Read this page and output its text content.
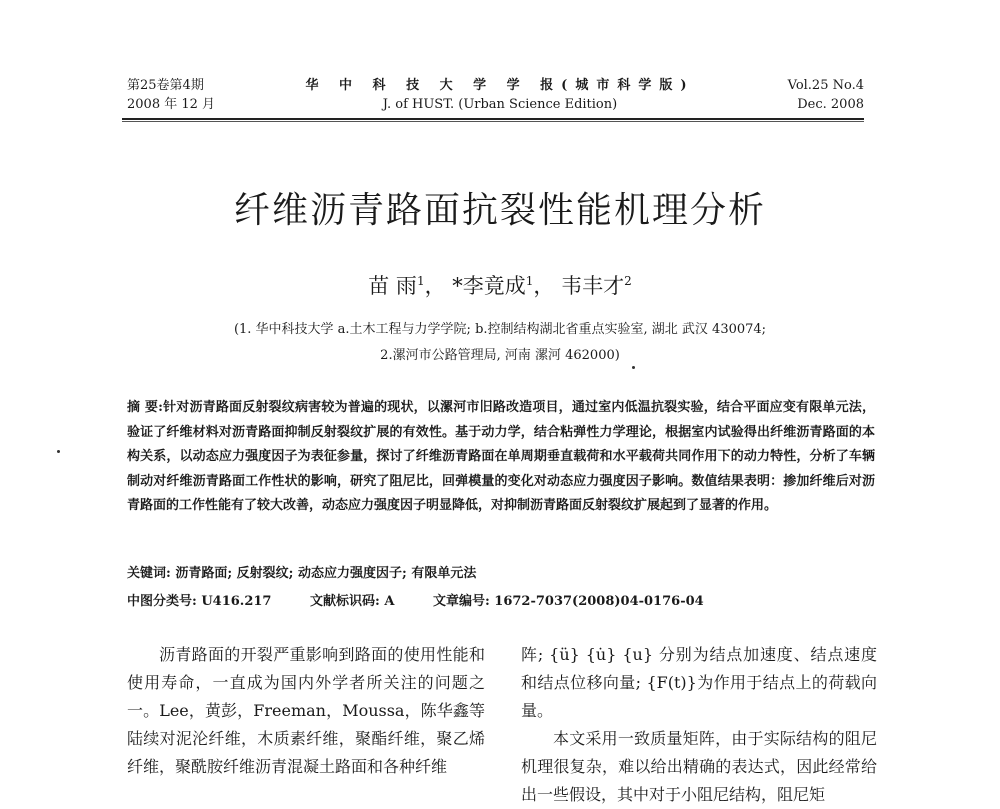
第25卷第4期
2008 年 12 月
华 中 科 技 大 学 学 报(城市科学版)
J. of HUST. (Urban Science Edition)
Vol.25 No.4
Dec. 2008
纤维沥青路面抗裂性能机理分析
苗 雨$^1$， *李竟成$^1$， 韦丰才$^2$
(1. 华中科技大学 a.土木工程与力学学院; b.控制结构湖北省重点实验室, 湖北 武汉 430074;
2.漯河市公路管理局, 河南 漯河 462000)
摘 要:针对沥青路面反射裂纹病害较为普遍的现状，以漯河市旧路改造项目，通过室内低温抗裂实验，结合平面应变有限单元法，验证了纤维材料对沥青路面抑制反射裂纹扩展的有效性。基于动力学，结合粘弹性力学理论，根据室内试验得出纤维沥青路面的本构关系，以动态应力强度因子为表征参量，探讨了纤维沥青路面在单周期垂直载荷和水平载荷共同作用下的动力特性，分析了车辆制动对纤维沥青路面工作性状的影响，研究了阻尼比，回弹模量的变化对动态应力强度因子影响。数值结果表明：掺加纤维后对沥青路面的工作性能有了较大改善，动态应力强度因子明显降低，对抑制沥青路面反射裂纹扩展起到了显著的作用。
关键词: 沥青路面; 反射裂纹; 动态应力强度因子; 有限单元法
中图分类号: U416.217	文献标识码: A	文章编号: 1672-7037(2008)04-0176-04
沥青路面的开裂严重影响到路面的使用性能和使用寿命，一直成为国内外学者所关注的问题之一。Lee，黄彭，Freeman，Moussa，陈华鑫等陆续对泥沦纤维，木质素纤维，聚酯纤维，聚乙烯纤维，聚酰胺纤维沥青混凝土路面和各种纤维
阵; {ü} {u̇} {u} 分别为结点加速度、结点速度和结点位移向量; {F(t)}为作用于结点上的荷载向量。
本文采用一致质量矩阵，由于实际结构的阻尼机理很复杂，难以给出精确的表达式，因此经常给出一些假设，其中对于小阻尼结构，阻尼矩
